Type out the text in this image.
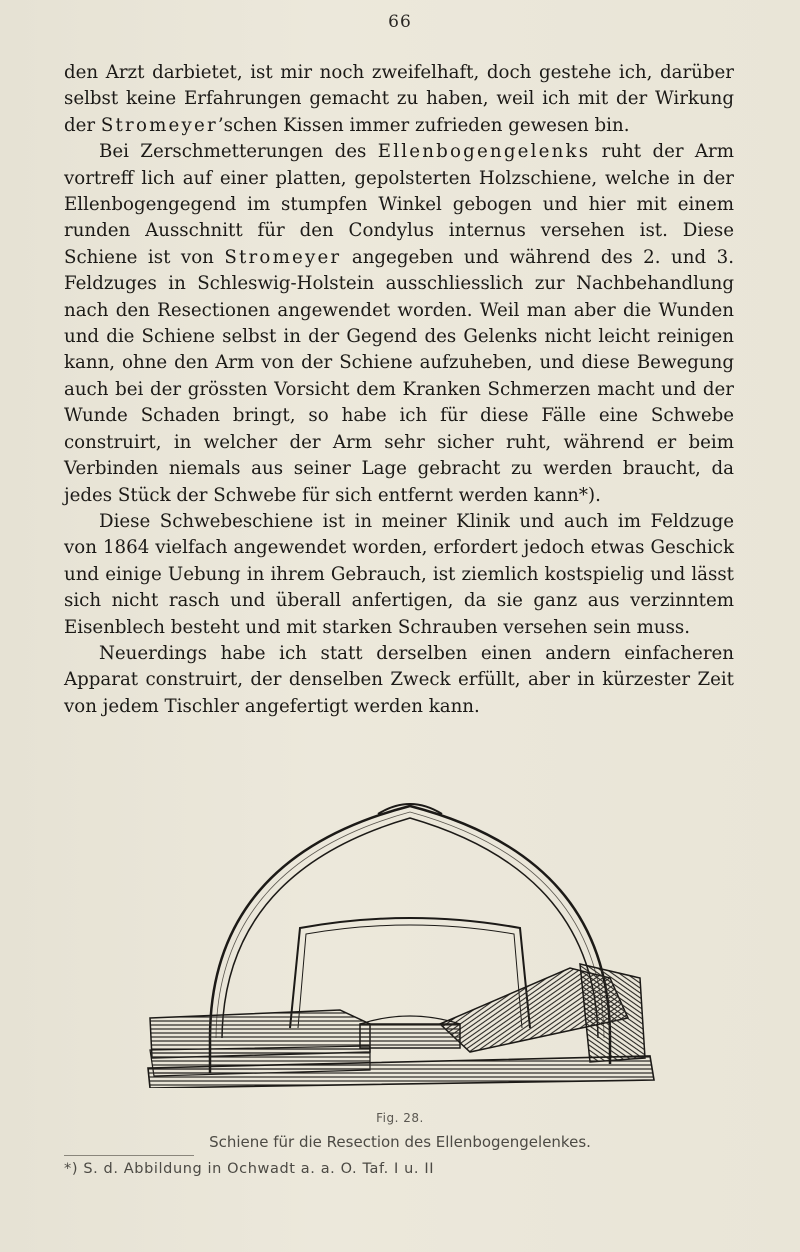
66

den Arzt darbietet, ist mir noch zweifelhaft, doch gestehe ich, darüber selbst keine Erfahrungen gemacht zu haben, weil ich mit der Wirkung der Stromeyer’schen Kissen immer zufrieden gewesen bin.

Bei Zerschmetterungen des Ellenbogengelenks ruht der Arm vortreff lich auf einer platten, gepolsterten Holzschiene, welche in der Ellenbogengegend im stumpfen Winkel gebogen und hier mit einem runden Ausschnitt für den Condylus internus versehen ist. Diese Schiene ist von Stromeyer angegeben und während des 2. und 3. Feldzuges in Schleswig-Holstein ausschliesslich zur Nachbehandlung nach den Resectionen angewendet worden. Weil man aber die Wunden und die Schiene selbst in der Gegend des Gelenks nicht leicht reinigen kann, ohne den Arm von der Schiene aufzuheben, und diese Bewegung auch bei der grössten Vorsicht dem Kranken Schmerzen macht und der Wunde Schaden bringt, so habe ich für diese Fälle eine Schwebe construirt, in welcher der Arm sehr sicher ruht, während er beim Verbinden niemals aus seiner Lage gebracht zu werden braucht, da jedes Stück der Schwebe für sich entfernt werden kann*).

Diese Schwebeschiene ist in meiner Klinik und auch im Feldzuge von 1864 vielfach angewendet worden, erfordert jedoch etwas Geschick und einige Uebung in ihrem Gebrauch, ist ziemlich kostspielig und lässt sich nicht rasch und überall anfertigen, da sie ganz aus verzinntem Eisenblech besteht und mit starken Schrauben versehen sein muss.

Neuerdings habe ich statt derselben einen andern einfacheren Apparat construirt, der denselben Zweck erfüllt, aber in kürzester Zeit von jedem Tischler angefertigt werden kann.

Fig. 28.
Schiene für die Resection des Ellenbogengelenkes.
*) S. d. Abbildung in Ochwadt a. a. O. Taf. I u. II
